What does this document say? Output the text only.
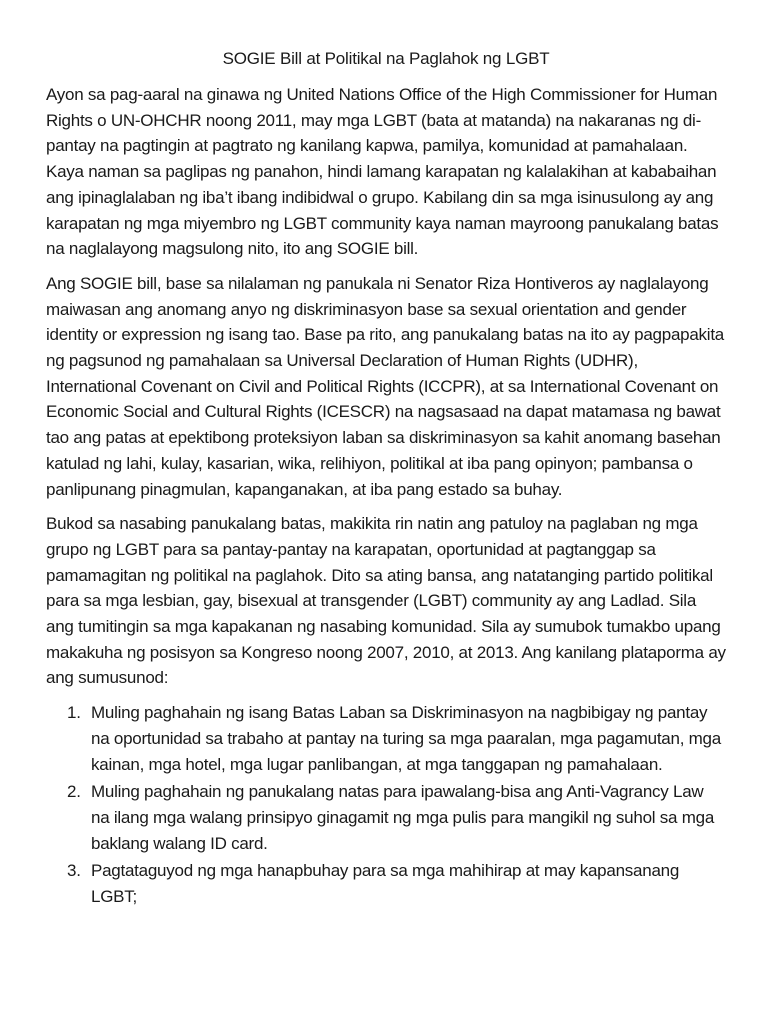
SOGIE Bill at Politikal na Paglahok ng LGBT

Ayon sa pag-aaral na ginawa ng United Nations Office of the High Commissioner for Human Rights o UN-OHCHR noong 2011, may mga LGBT (bata at matanda) na nakaranas ng di-pantay na pagtingin at pagtrato ng kanilang kapwa, pamilya, komunidad at pamahalaan. Kaya naman sa paglipas ng panahon, hindi lamang karapatan ng kalalakihan at kababaihan ang ipinaglalaban ng iba’t ibang indibidwal o grupo. Kabilang din sa mga isinusulong ay ang karapatan ng mga miyembro ng LGBT community kaya naman mayroong panukalang batas na naglalayong magsulong nito, ito ang SOGIE bill.

Ang SOGIE bill, base sa nilalaman ng panukala ni Senator Riza Hontiveros ay naglalayong maiwasan ang anomang anyo ng diskriminasyon base sa sexual orientation and gender identity or expression ng isang tao. Base pa rito, ang panukalang batas na ito ay pagpapakita ng pagsunod ng pamahalaan sa Universal Declaration of Human Rights (UDHR), International Covenant on Civil and Political Rights (ICCPR), at sa International Covenant on Economic Social and Cultural Rights (ICESCR) na nagsasaad na dapat matamasa ng bawat tao ang patas at epektibong proteksiyon laban sa diskriminasyon sa kahit anomang basehan katulad ng lahi, kulay, kasarian, wika, relihiyon, politikal at iba pang opinyon; pambansa o panlipunang pinagmulan, kapanganakan, at iba pang estado sa buhay.

Bukod sa nasabing panukalang batas, makikita rin natin ang patuloy na paglaban ng mga grupo ng LGBT para sa pantay-pantay na karapatan, oportunidad at pagtanggap sa pamamagitan ng politikal na paglahok. Dito sa ating bansa, ang natatanging partido politikal para sa mga lesbian, gay, bisexual at transgender (LGBT) community ay ang Ladlad. Sila ang tumitingin sa mga kapakanan ng nasabing komunidad. Sila ay sumubok tumakbo upang makakuha ng posisyon sa Kongreso noong 2007, 2010, at 2013. Ang kanilang plataporma ay ang sumusunod:

1. Muling paghahain ng isang Batas Laban sa Diskriminasyon na nagbibigay ng pantay na oportunidad sa trabaho at pantay na turing sa mga paaralan, mga pagamutan, mga kainan, mga hotel, mga lugar panlibangan, at mga tanggapan ng pamahalaan.
2. Muling paghahain ng panukalang natas para ipawalang-bisa ang Anti-Vagrancy Law na ilang mga walang prinsipyo ginagamit ng mga pulis para mangikil ng suhol sa mga baklang walang ID card.
3. Pagtataguyod ng mga hanapbuhay para sa mga mahihirap at may kapansanang LGBT;
